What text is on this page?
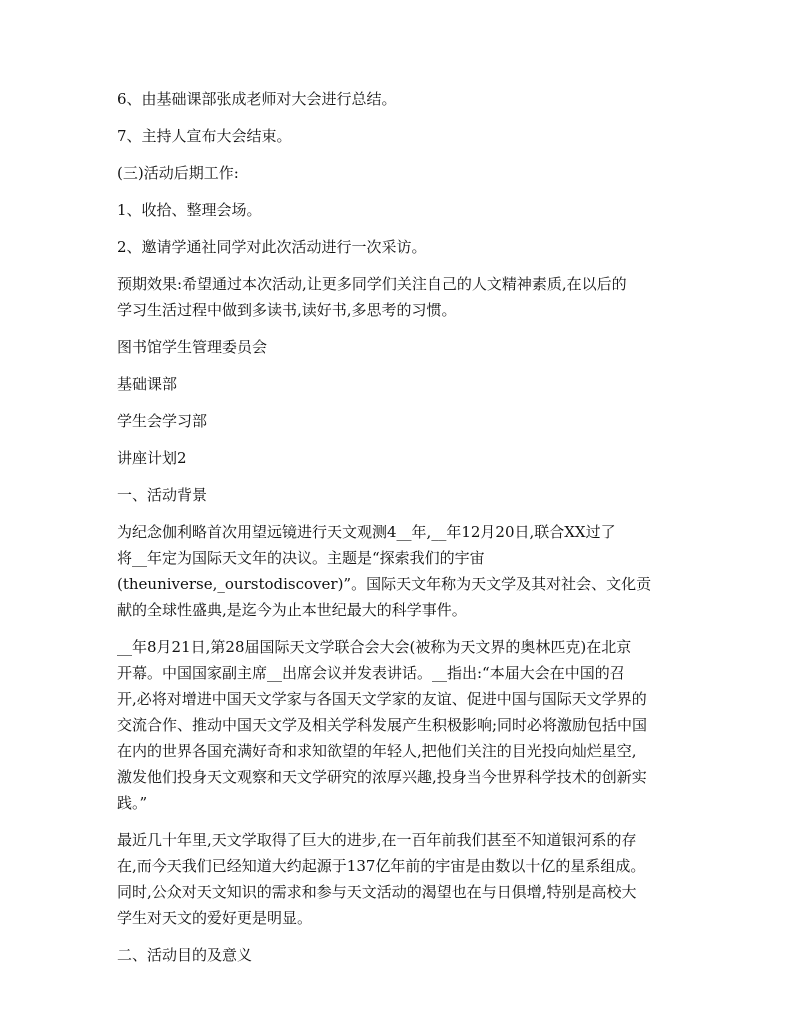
6、由基础课部张成老师对大会进行总结。
7、主持人宣布大会结束。
(三)活动后期工作:
1、收拾、整理会场。
2、邀请学通社同学对此次活动进行一次采访。
预期效果:希望通过本次活动,让更多同学们关注自己的人文精神素质,在以后的
学习生活过程中做到多读书,读好书,多思考的习惯。
图书馆学生管理委员会
基础课部
学生会学习部
讲座计划2
一、活动背景
为纪念伽利略首次用望远镜进行天文观测4__年,__年12月20日,联合XX过了
将__年定为国际天文年的决议。主题是“探索我们的宇宙
(theuniverse,_ourstodiscover)”。国际天文年称为天文学及其对社会、文化贡
献的全球性盛典,是迄今为止本世纪最大的科学事件。
__年8月21日,第28届国际天文学联合会大会(被称为天文界的奥林匹克)在北京
开幕。中国国家副主席__出席会议并发表讲话。__指出:“本届大会在中国的召
开,必将对增进中国天文学家与各国天文学家的友谊、促进中国与国际天文学界的
交流合作、推动中国天文学及相关学科发展产生积极影响;同时必将激励包括中国
在内的世界各国充满好奇和求知欲望的年轻人,把他们关注的目光投向灿烂星空,
激发他们投身天文观察和天文学研究的浓厚兴趣,投身当今世界科学技术的创新实
践。”
最近几十年里,天文学取得了巨大的进步,在一百年前我们甚至不知道银河系的存
在,而今天我们已经知道大约起源于137亿年前的宇宙是由数以十亿的星系组成。
同时,公众对天文知识的需求和参与天文活动的渴望也在与日俱增,特别是高校大
学生对天文的爱好更是明显。
二、活动目的及意义
